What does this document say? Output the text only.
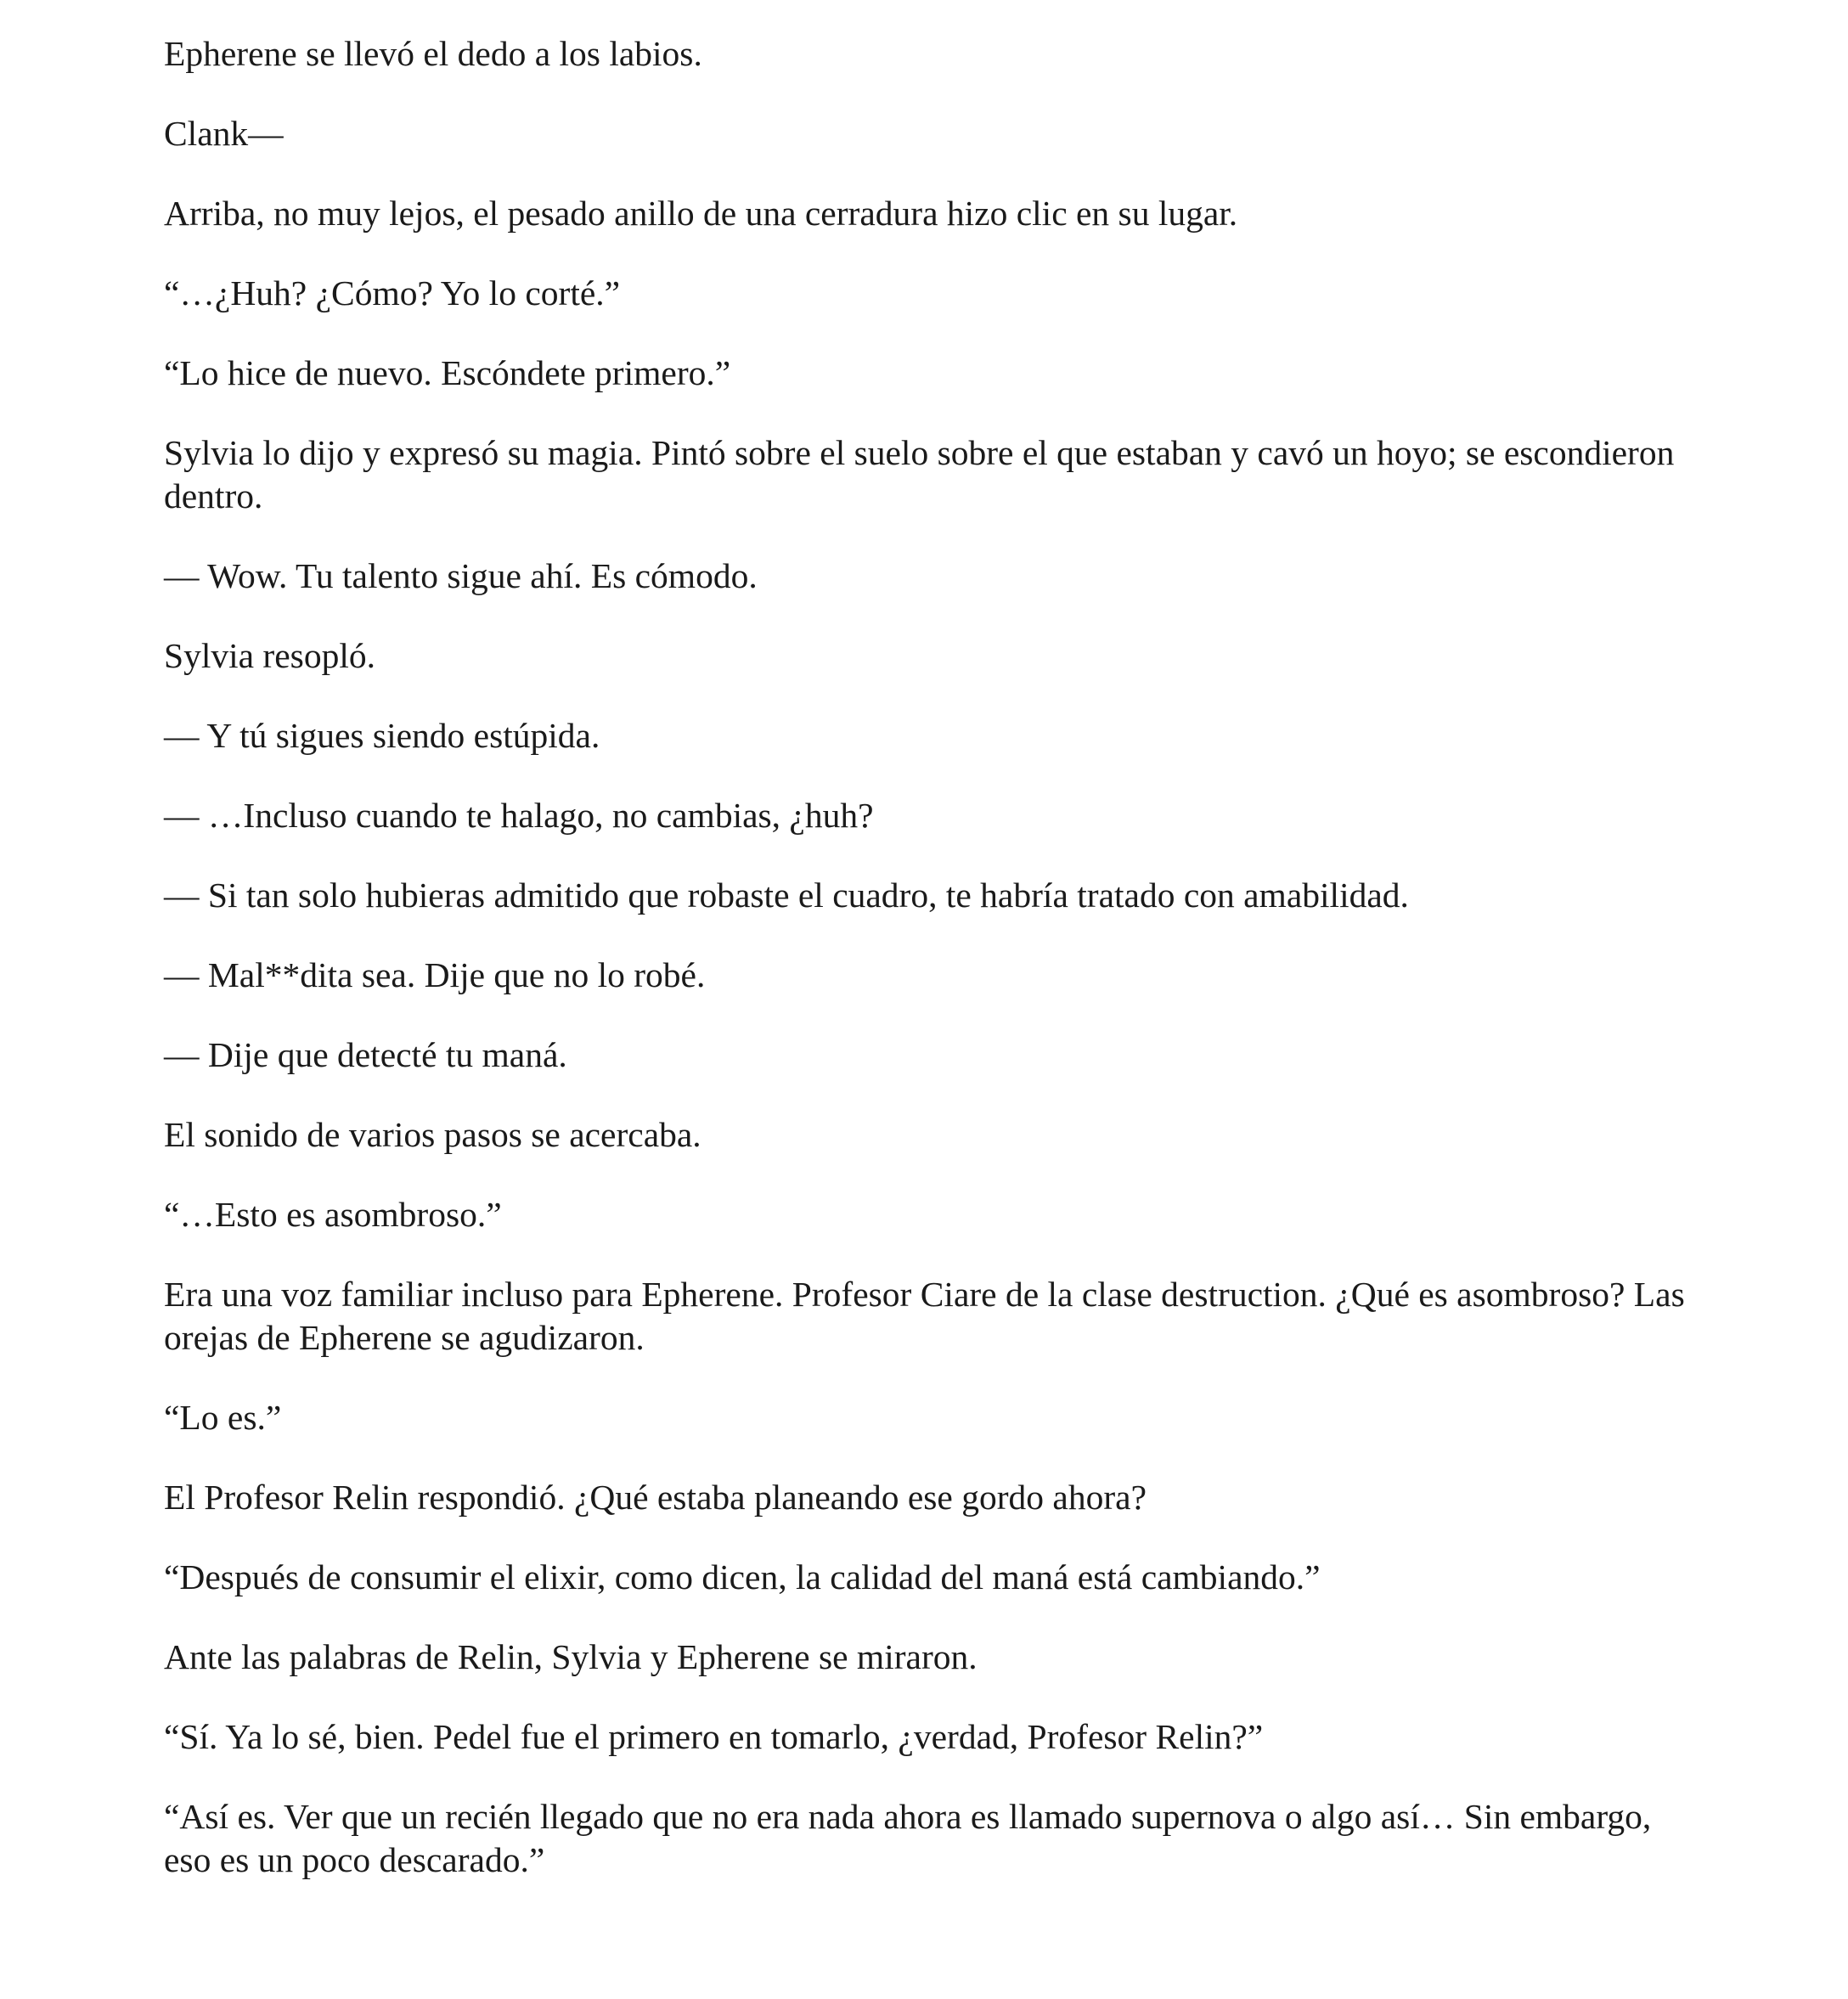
Epherene se llevó el dedo a los labios.

Clank—

Arriba, no muy lejos, el pesado anillo de una cerradura hizo clic en su lugar.

“…¿Huh? ¿Cómo? Yo lo corté.”

“Lo hice de nuevo. Escóndete primero.”

Sylvia lo dijo y expresó su magia. Pintó sobre el suelo sobre el que estaban y cavó un hoyo; se escondieron dentro.

— Wow. Tu talento sigue ahí. Es cómodo.

Sylvia resopló.

— Y tú sigues siendo estúpida.

— …Incluso cuando te halago, no cambias, ¿huh?

— Si tan solo hubieras admitido que robaste el cuadro, te habría tratado con amabilidad.

— Mal**dita sea. Dije que no lo robé.

— Dije que detecté tu maná.

El sonido de varios pasos se acercaba.

“…Esto es asombroso.”

Era una voz familiar incluso para Epherene. Profesor Ciare de la clase destruction. ¿Qué es asombroso? Las orejas de Epherene se agudizaron.

“Lo es.”

El Profesor Relin respondió. ¿Qué estaba planeando ese gordo ahora?

“Después de consumir el elixir, como dicen, la calidad del maná está cambiando.”

Ante las palabras de Relin, Sylvia y Epherene se miraron.

“Sí. Ya lo sé, bien. Pedel fue el primero en tomarlo, ¿verdad, Profesor Relin?”

“Así es. Ver que un recién llegado que no era nada ahora es llamado supernova o algo así… Sin embargo, eso es un poco descarado.”
